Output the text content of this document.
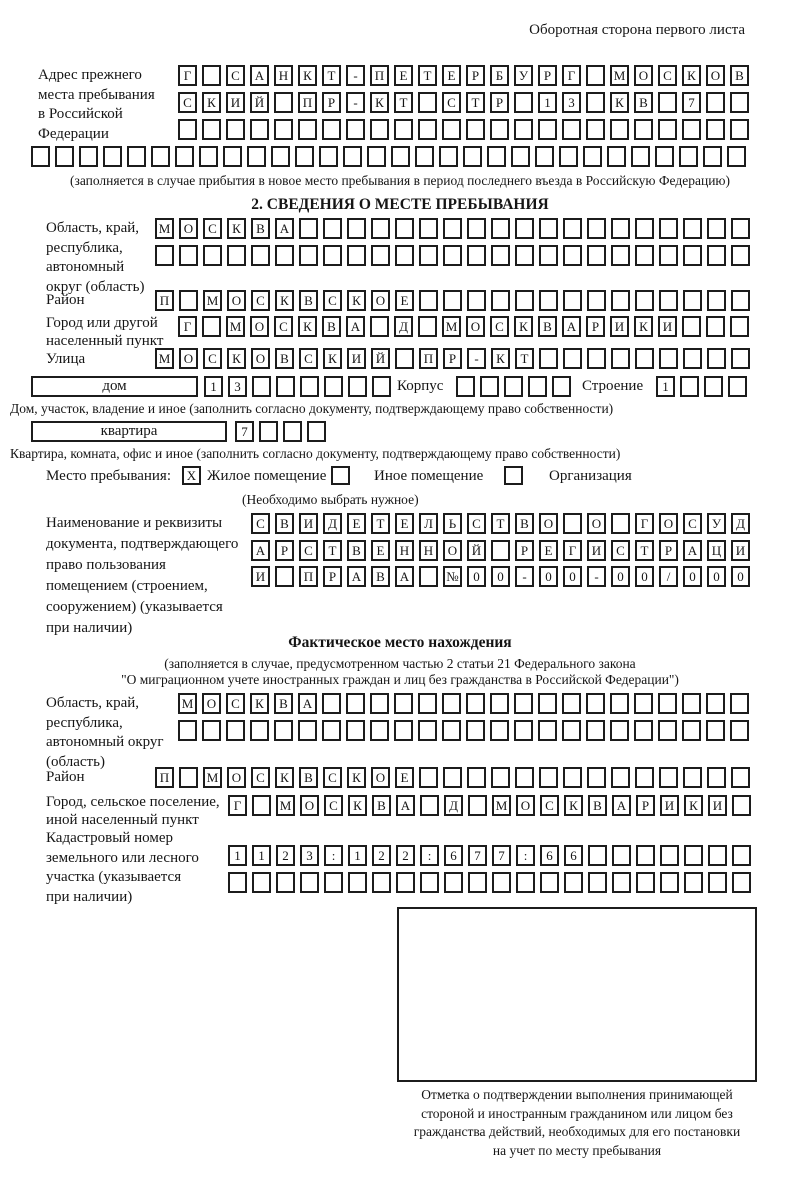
Оборотная сторона первого листа
Адрес прежнего
места пребывания
в Российской
Федерации
Г	С	А	Н	К	Т	-	П	Е	Т	Е	Р	Б	У	Р	Г	М	О	С	К	О	В
С	К	И	Й	П	Р	-	К	Т	С	Т	Р	1	3	К	В	7
(заполняется в случае прибытия в новое место пребывания в период последнего въезда в Российскую Федерацию)
2. СВЕДЕНИЯ О МЕСТЕ ПРЕБЫВАНИЯ
Область, край,
республика,
автономный
округ (область)
М	О	С	К	В	А
Район	П	М	О	С	К	В	С	К	О	Е
Город или другой
населенный пункт
Г	М	О	С	К	В	А	Д	М	О	С	К	В	А	Р	И	К	И
Улица	М	О	С	К	О	В	С	К	И	Й	П	Р	-	К	Т
дом	1	3	Корпус	Строение	1
Дом, участок, владение и иное (заполнить согласно документу, подтверждающему право собственности)
квартира	7
Квартира, комната, офис и иное (заполнить согласно документу, подтверждающему право собственности)
Место пребывания:	X Жилое помещение	Иное помещение	Организация
(Необходимо выбрать нужное)
Наименование и реквизиты
документа, подтверждающего
право пользования
помещением (строением,
сооружением) (указывается
при наличии)
С	В	И	Д	Е	Т	Е	Л	Ь	С	Т	В	О	О	Г	О	С	У	Д
А	Р	С	Т	В	Е	Н	Н	О	Й	Р	Е	Г	И	С	Т	Р	А	Ц	И
И	П	Р	А	В	А	№	0	0	-	0	0	-	0	0	/	0	0	0
Фактическое место нахождения
(заполняется в случае, предусмотренном частью 2 статьи 21 Федерального закона
"О миграционном учете иностранных граждан и лиц без гражданства в Российской Федерации")
Область, край,
республика,
автономный округ
(область)
М	О	С	К	В	А
Район	П	М	О	С	К	В	С	К	О	Е
Город, сельское поселение,
иной населенный пункт
Г	М	О	С	К	В	А	Д	М	О	С	К	В	А	Р	И	К	И
Кадастровый номер
земельного или лесного
участка (указывается
при наличии)
1	1	2	3	:	1	2	2	:	6	7	7	:	6	6
Отметка о подтверждении выполнения принимающей
стороной и иностранным гражданином или лицом без
гражданства действий, необходимых для его постановки
на учет по месту пребывания
